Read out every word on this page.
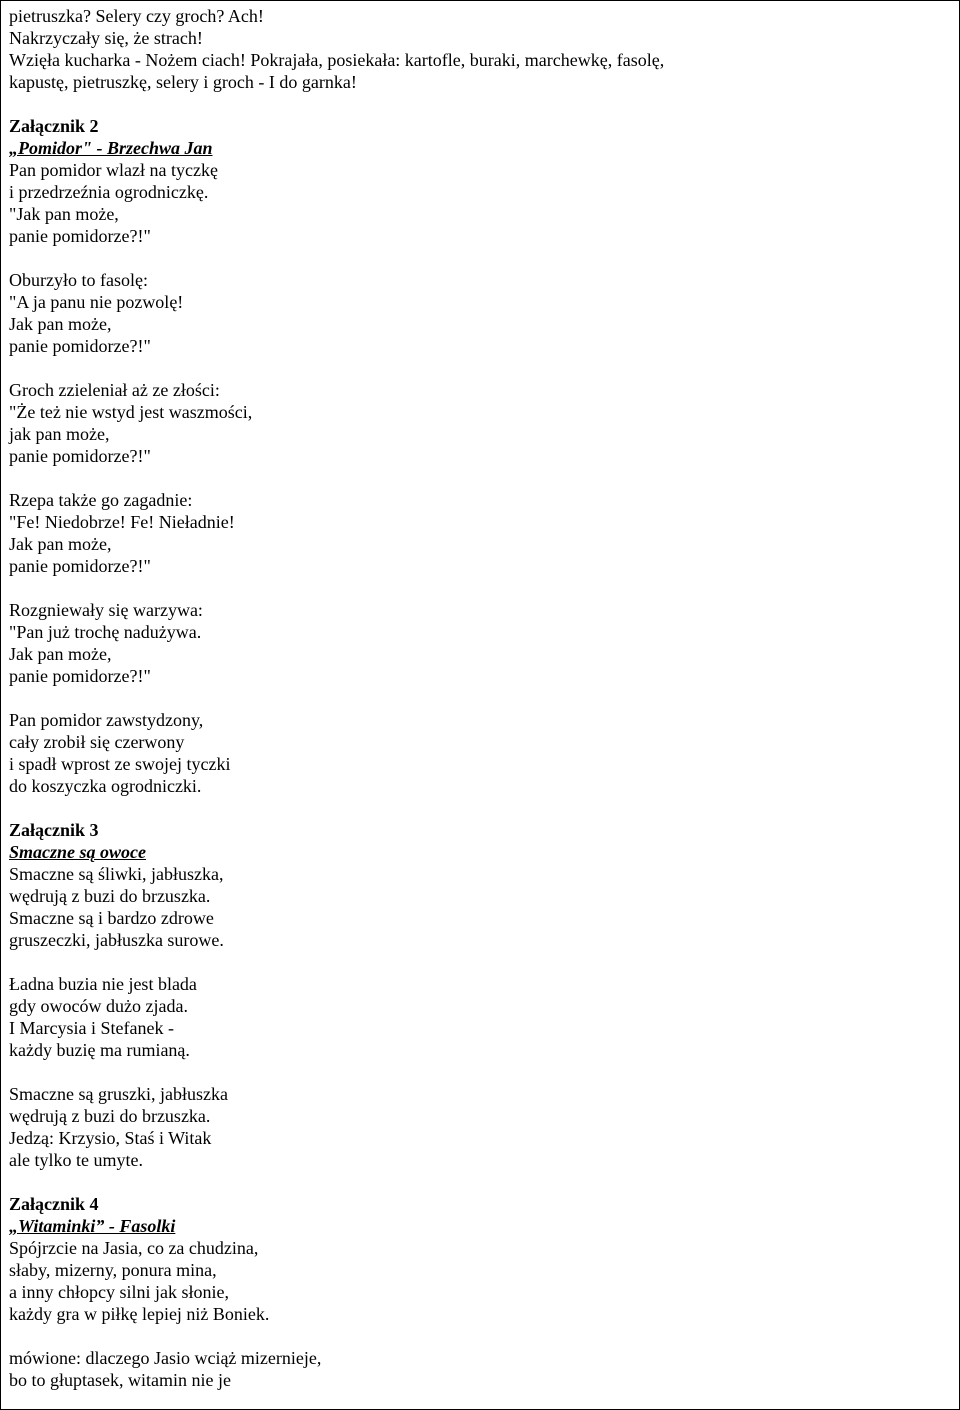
pietruszka? Selery czy groch? Ach!
Nakrzyczały się, że strach!
Wzięła kucharka - Nożem ciach! Pokrajała, posiekała: kartofle, buraki, marchewkę, fasolę,
kapustę, pietruszkę, selery i groch - I do garnka!
Załącznik 2
„Pomidor" - Brzechwa Jan
Pan pomidor wlazł na tyczkę
i przedrzeźnia ogrodniczkę.
"Jak pan może,
panie pomidorze?!"
Oburzyło to fasolę:
"A ja panu nie pozwolę!
Jak pan może,
panie pomidorze?!"
Groch zzieleniał aż ze złości:
"Że też nie wstyd jest waszmości,
jak pan może,
panie pomidorze?!"
Rzepa także go zagadnie:
"Fe! Niedobrze! Fe! Nieładnie!
Jak pan może,
panie pomidorze?!"
Rozgniewały się warzywa:
"Pan już trochę nadużywa.
Jak pan może,
panie pomidorze?!"
Pan pomidor zawstydzony,
cały zrobił się czerwony
i spadł wprost ze swojej tyczki
do koszyczka ogrodniczki.
Załącznik 3
Smaczne są owoce
Smaczne są śliwki, jabłuszka,
wędrują z buzi do brzuszka.
Smaczne są i bardzo zdrowe
gruszeczki, jabłuszka surowe.
Ładna buzia nie jest blada
gdy owoców dużo zjada.
I Marcysia i Stefanek -
każdy buzię ma rumianą.
Smaczne są gruszki, jabłuszka
wędrują z buzi do brzuszka.
Jedzą: Krzysio, Staś i Witak
ale tylko te umyte.
Załącznik 4
„Witaminki” - Fasolki
Spójrzcie na Jasia, co za chudzina,
słaby, mizerny, ponura mina,
a inny chłopcy silni jak słonie,
każdy gra w piłkę lepiej niż Boniek.
mówione: dlaczego Jasio wciąż mizernieje,
bo to głuptasek, witamin nie je
